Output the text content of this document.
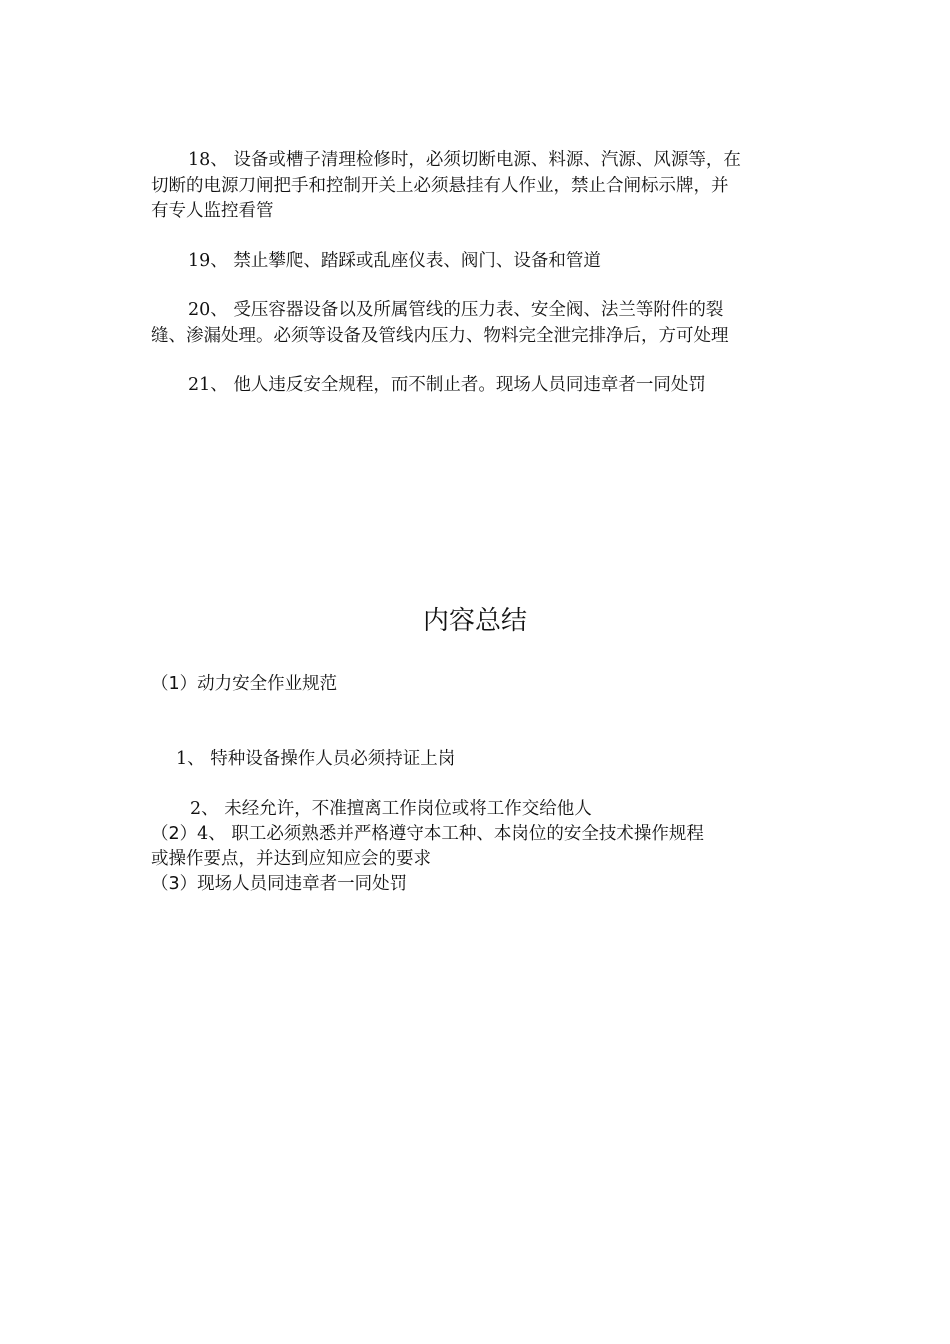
18、 设备或槽子清理检修时，必须切断电源、料源、汽源、风源等，在
切断的电源刀闸把手和控制开关上必须悬挂有人作业，禁止合闸标示牌，并
有专人监控看管
19、 禁止攀爬、踏踩或乱座仪表、阀门、设备和管道
20、 受压容器设备以及所属管线的压力表、安全阀、法兰等附件的裂
缝、渗漏处理。必须等设备及管线内压力、物料完全泄完排净后，方可处理
21、 他人违反安全规程，而不制止者。现场人员同违章者一同处罚
内容总结
（1）动力安全作业规范
1、 特种设备操作人员必须持证上岗
2、 未经允许，不准擅离工作岗位或将工作交给他人
（2）4、 职工必须熟悉并严格遵守本工种、本岗位的安全技术操作规程
或操作要点，并达到应知应会的要求
（3）现场人员同违章者一同处罚
